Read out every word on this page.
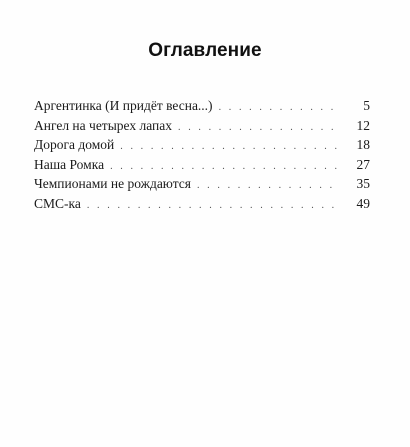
Оглавление
Аргентинка (И придёт весна...) . . .	5
Ангел на четырех лапах . . .	12
Дорога домой . . .	18
Наша Ромка . . .	27
Чемпионами не рождаются . . .	35
СМС-ка . . .	49
